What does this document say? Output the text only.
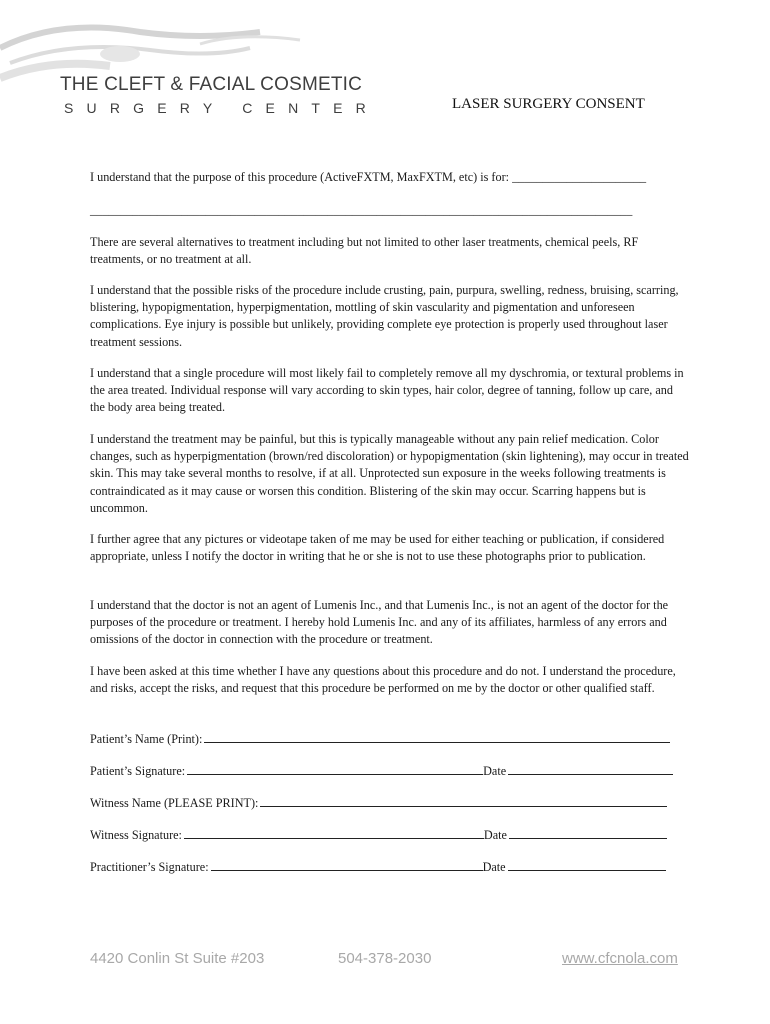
THE CLEFT & FACIAL COSMETIC
SURGERY CENTER	LASER SURGERY CONSENT
I understand that the purpose of this procedure (ActiveFXTM, MaxFXTM, etc) is for: ______________________
_________________________________________________________________________________________

There are several alternatives to treatment including but not limited to other laser treatments, chemical peels, RF treatments, or no treatment at all.

I understand that the possible risks of the procedure include crusting, pain, purpura, swelling, redness, bruising, scarring, blistering, hypopigmentation, hyperpigmentation, mottling of skin vascularity and pigmentation and unforeseen complications. Eye injury is possible but unlikely, providing complete eye protection is properly used throughout laser treatment sessions.

I understand that a single procedure will most likely fail to completely remove all my dyschromia, or textural problems in the area treated. Individual response will vary according to skin types, hair color, degree of tanning, follow up care, and the body area being treated.

I understand the treatment may be painful, but this is typically manageable without any pain relief medication. Color changes, such as hyperpigmentation (brown/red discoloration) or hypopigmentation (skin lightening), may occur in treated skin. This may take several months to resolve, if at all. Unprotected sun exposure in the weeks following treatments is contraindicated as it may cause or worsen this condition. Blistering of the skin may occur. Scarring happens but is uncommon.

I further agree that any pictures or videotape taken of me may be used for either teaching or publication, if considered appropriate, unless I notify the doctor in writing that he or she is not to use these photographs prior to publication.

I understand that the doctor is not an agent of Lumenis Inc., and that Lumenis Inc., is not an agent of the doctor for the purposes of the procedure or treatment. I hereby hold Lumenis Inc. and any of its affiliates, harmless of any errors and omissions of the doctor in connection with the procedure or treatment.

I have been asked at this time whether I have any questions about this procedure and do not. I understand the procedure, and risks, accept the risks, and request that this procedure be performed on me by the doctor or other qualified staff.

Patient’s Name (Print):
Patient’s Signature:	Date
Witness Name (PLEASE PRINT):
Witness Signature:	Date
Practitioner’s Signature:	Date
4420 Conlin St Suite #203	504-378-2030	www.cfcnola.com
